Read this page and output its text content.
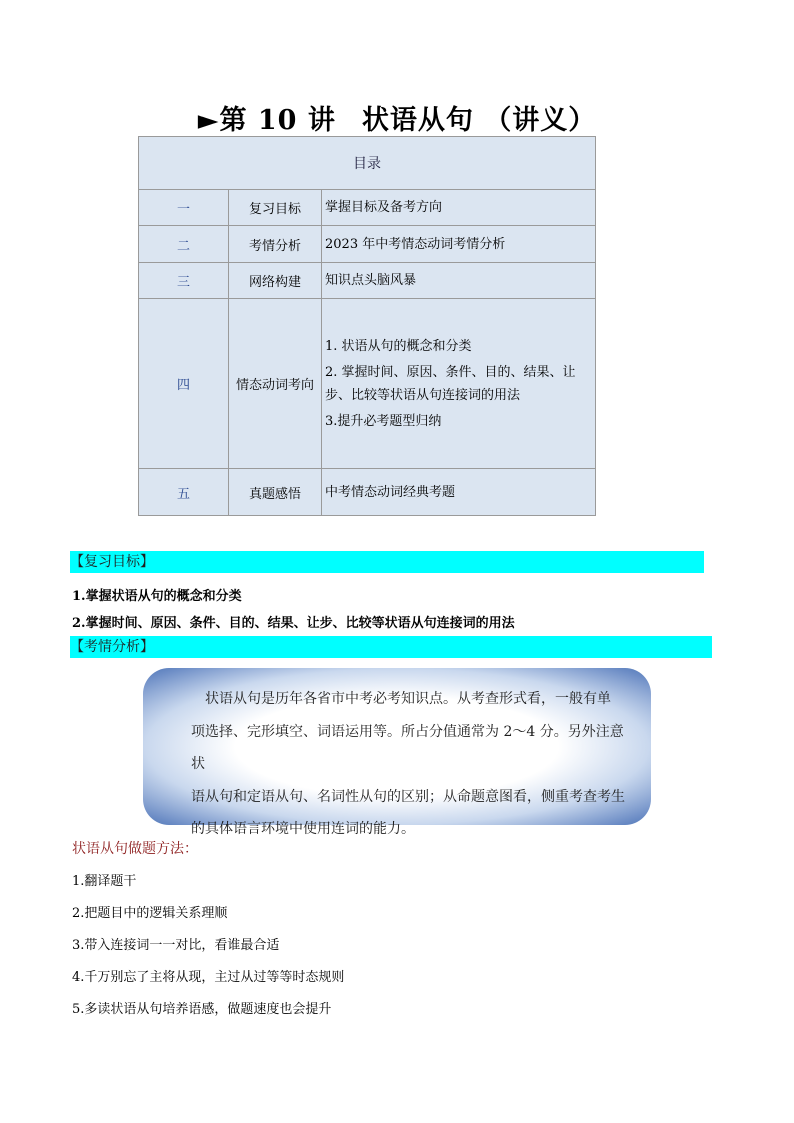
►第 10 讲 状语从句 （讲义）
目录		
一	复习目标	掌握目标及备考方向

二	考情分析	2023 年中考情态动词考情分析

三	网络构建	知识点头脑风暴

四	情态动词考向	1. 状语从句的概念和分类

2. 掌握时间、原因、条件、目的、结果、让步、比较等状语从句连接词的用法

3.提升必考题型归纳

五	真题感悟	中考情态动词经典考题

【复习目标】
1.掌握状语从句的概念和分类
2.掌握时间、原因、条件、目的、结果、让步、比较等状语从句连接词的用法
【考情分析】
状语从句是历年各省市中考必考知识点。从考查形式看，一般有单
项选择、完形填空、词语运用等。所占分值通常为 2～4 分。另外注意状
语从句和定语从句、名词性从句的区别；从命题意图看，侧重考查考生
的具体语言环境中使用连词的能力。
状语从句做题方法：
1.翻译题干
2.把题目中的逻辑关系理顺
3.带入连接词一一对比，看谁最合适
4.千万别忘了主将从现，主过从过等等时态规则
5.多读状语从句培养语感，做题速度也会提升
